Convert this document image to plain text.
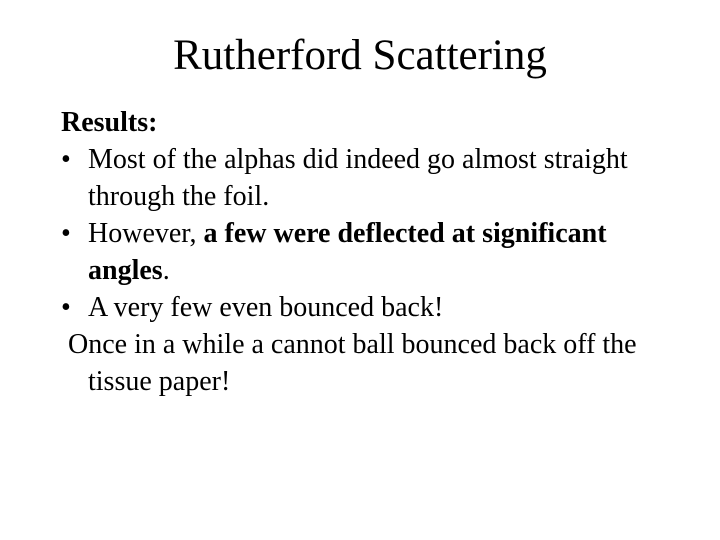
Rutherford Scattering
Results:
• Most of the alphas did indeed go almost straight through the foil.
• However, a few were deflected at significant angles.
• A very few even bounced back!
Once in a while a cannot ball bounced back off the tissue paper!
